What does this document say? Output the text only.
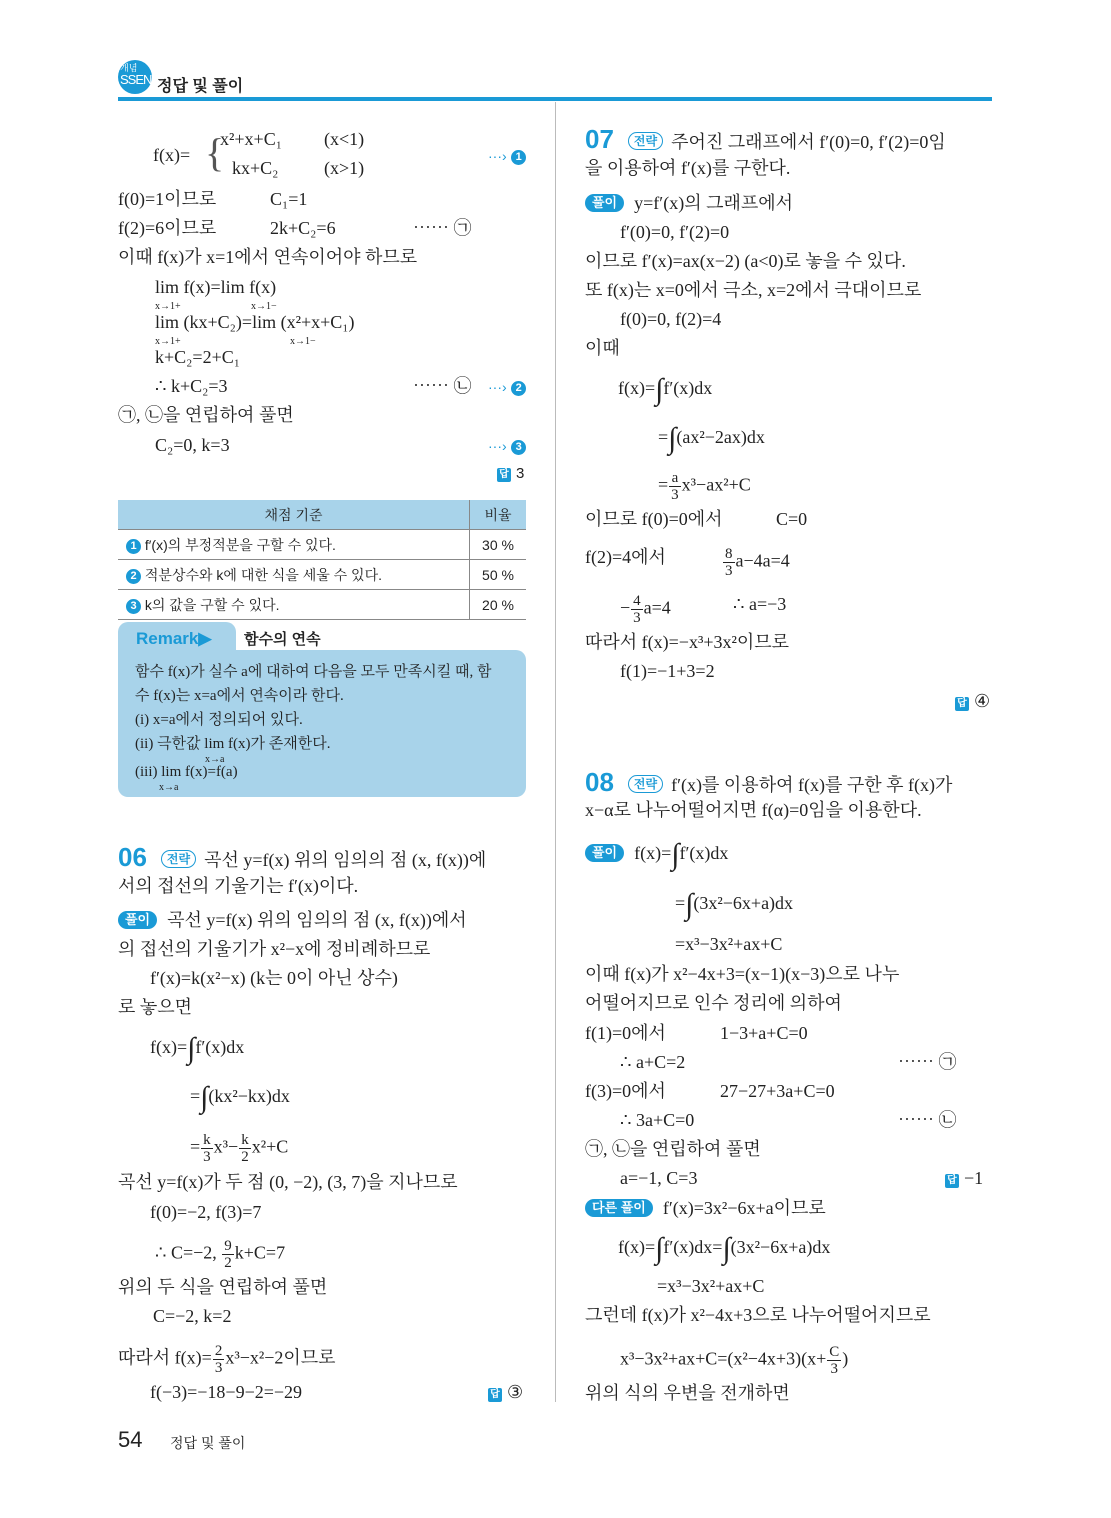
개념
SSEN 정답 및 풀이
f(x)= {
x²+x+C₁ (x<1)
kx+C₂	(x>1)
···› 1
f(0)=1이므로	C₁=1
f(2)=6이므로	2k+C₂=6	⋯⋯ ㉠
이때 f(x)가 x=1에서 연속이어야 하므로
lim f(x)=lim f(x)
x→1+	x→1−
lim (kx+C₂)=lim (x²+x+C₁)
x→1+	x→1−
k+C₂=2+C₁
∴ k+C₂=3	⋯⋯ ㉡ ···› 2
㉠, ㉡을 연립하여 풀면
C₂=0, k=3	···› 3
답 3
채점 기준	비율
1 f′(x)의 부정적분을 구할 수 있다.	30 %
2 적분상수와 k에 대한 식을 세울 수 있다.	50 %
3 k의 값을 구할 수 있다.	20 %
Remark▶	함수의 연속
함수 f(x)가 실수 a에 대하여 다음을 모두 만족시킬 때, 함
수 f(x)는 x=a에서 연속이라 한다.
(i) x=a에서 정의되어 있다.
(ii) 극한값 lim f(x)가 존재한다.
x→a
(iii) lim f(x)=f(a)
x→a
06 전략 곡선 y=f(x) 위의 임의의 점 (x, f(x))에
서의 접선의 기울기는 f′(x)이다.
풀이 곡선 y=f(x) 위의 임의의 점 (x, f(x))에서
의 접선의 기울기가 x²−x에 정비례하므로
f′(x)=k(x²−x) (k는 0이 아닌 상수)
로 놓으면
f(x)=∫f′(x)dx
=∫(kx²−kx)dx
= $\frac{k}{3} x^3- \frac{k}{2} x^2+C$
곡선 y=f(x)가 두 점 (0, −2), (3, 7)을 지나므로
f(0)=−2, f(3)=7
∴ C=−2, $\frac{9}{2} k+C=7$
위의 두 식을 연립하여 풀면
C=−2, k=2
따라서 $f(x)= \frac{2}{3} x^3-x^2-2$이므로
f(−3)=−18−9−2=−29	답 ③
07 전략 주어진 그래프에서 f′(0)=0, f′(2)=0임
을 이용하여 f′(x)를 구한다.
풀이 y=f′(x)의 그래프에서
f′(0)=0, f′(2)=0
이므로 f′(x)=ax(x−2) (a<0)로 놓을 수 있다.
또 f(x)는 x=0에서 극소, x=2에서 극대이므로
f(0)=0, f(2)=4
이때
f(x)=∫f′(x)dx
=∫(ax²−2ax)dx
= $\frac{a}{3} x^3-ax^2+C$
이므로 f(0)=0에서	C=0
f(2)=4에서	$\frac{8}{3} a-4a=4$
− $\frac{4}{3} a=4$	∴ a=−3
따라서 f(x)=−x³+3x²이므로
f(1)=−1+3=2
답 ④
08 전략 f′(x)를 이용하여 f(x)를 구한 후 f(x)가
x−α로 나누어떨어지면 f(α)=0임을 이용한다.
풀이 f(x)=∫f′(x)dx
=∫(3x²−6x+a)dx
=x³−3x²+ax+C
이때 f(x)가 x²−4x+3=(x−1)(x−3)으로 나누
어떨어지므로 인수 정리에 의하여
f(1)=0에서	1−3+a+C=0
∴ a+C=2	⋯⋯ ㉠
f(3)=0에서	27−27+3a+C=0
∴ 3a+C=0	⋯⋯ ㉡
㉠, ㉡을 연립하여 풀면
a=−1, C=3	답 −1
다른 풀이 f′(x)=3x²−6x+a이므로
f(x)=∫f′(x)dx=∫(3x²−6x+a)dx
=x³−3x²+ax+C
그런데 f(x)가 x²−4x+3으로 나누어떨어지므로
$x^3-3x^2+ax+C=(x^2-4x+3)(x+ \frac{C}{3}$ )
위의 식의 우변을 전개하면
54 정답 및 풀이
